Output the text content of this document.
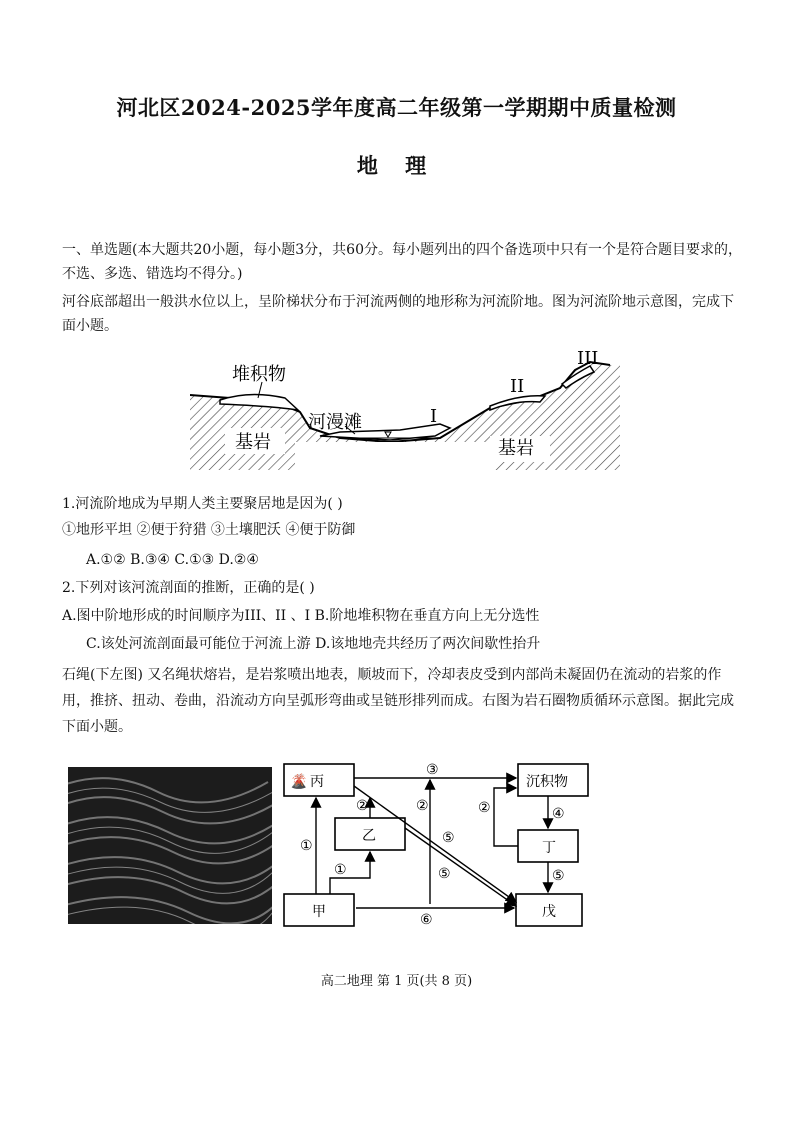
河北区2024-2025学年度高二年级第一学期期中质量检测
地 理
一、单选题(本大题共20小题，每小题3分，共60分。每小题列出的四个备选项中只有一个是符合题目要求的，不选、多选、错选均不得分。)
河谷底部超出一般洪水位以上，呈阶梯状分布于河流两侧的地形称为河流阶地。图为河流阶地示意图，完成下面小题。
堆积物
河漫滩
基岩	基岩
I
II
III
1.河流阶地成为早期人类主要聚居地是因为( )
①地形平坦 ②便于狩猎 ③土壤肥沃 ④便于防御
A.①② B.③④ C.①③ D.②④
2.下列对该河流剖面的推断，正确的是( )
A.图中阶地形成的时间顺序为III、II 、I B.阶地堆积物在垂直方向上无分选性
C.该处河流剖面最可能位于河流上游 D.该地地壳共经历了两次间歇性抬升
石绳(下左图) 又名绳状熔岩，是岩浆喷出地表，顺坡而下，冷却表皮受到内部尚未凝固仍在流动的岩浆的作用，推挤、扭动、卷曲，沿流动方向呈弧形弯曲或呈链形排列而成。右图为岩石圈物质循环示意图。据此完成下面小题。
🌋 丙
乙
甲
沉积物
丁
戊
①
①
②	②	②
③
④
⑤
⑤	⑤
⑥
高二地理 第 1 页(共 8 页)
